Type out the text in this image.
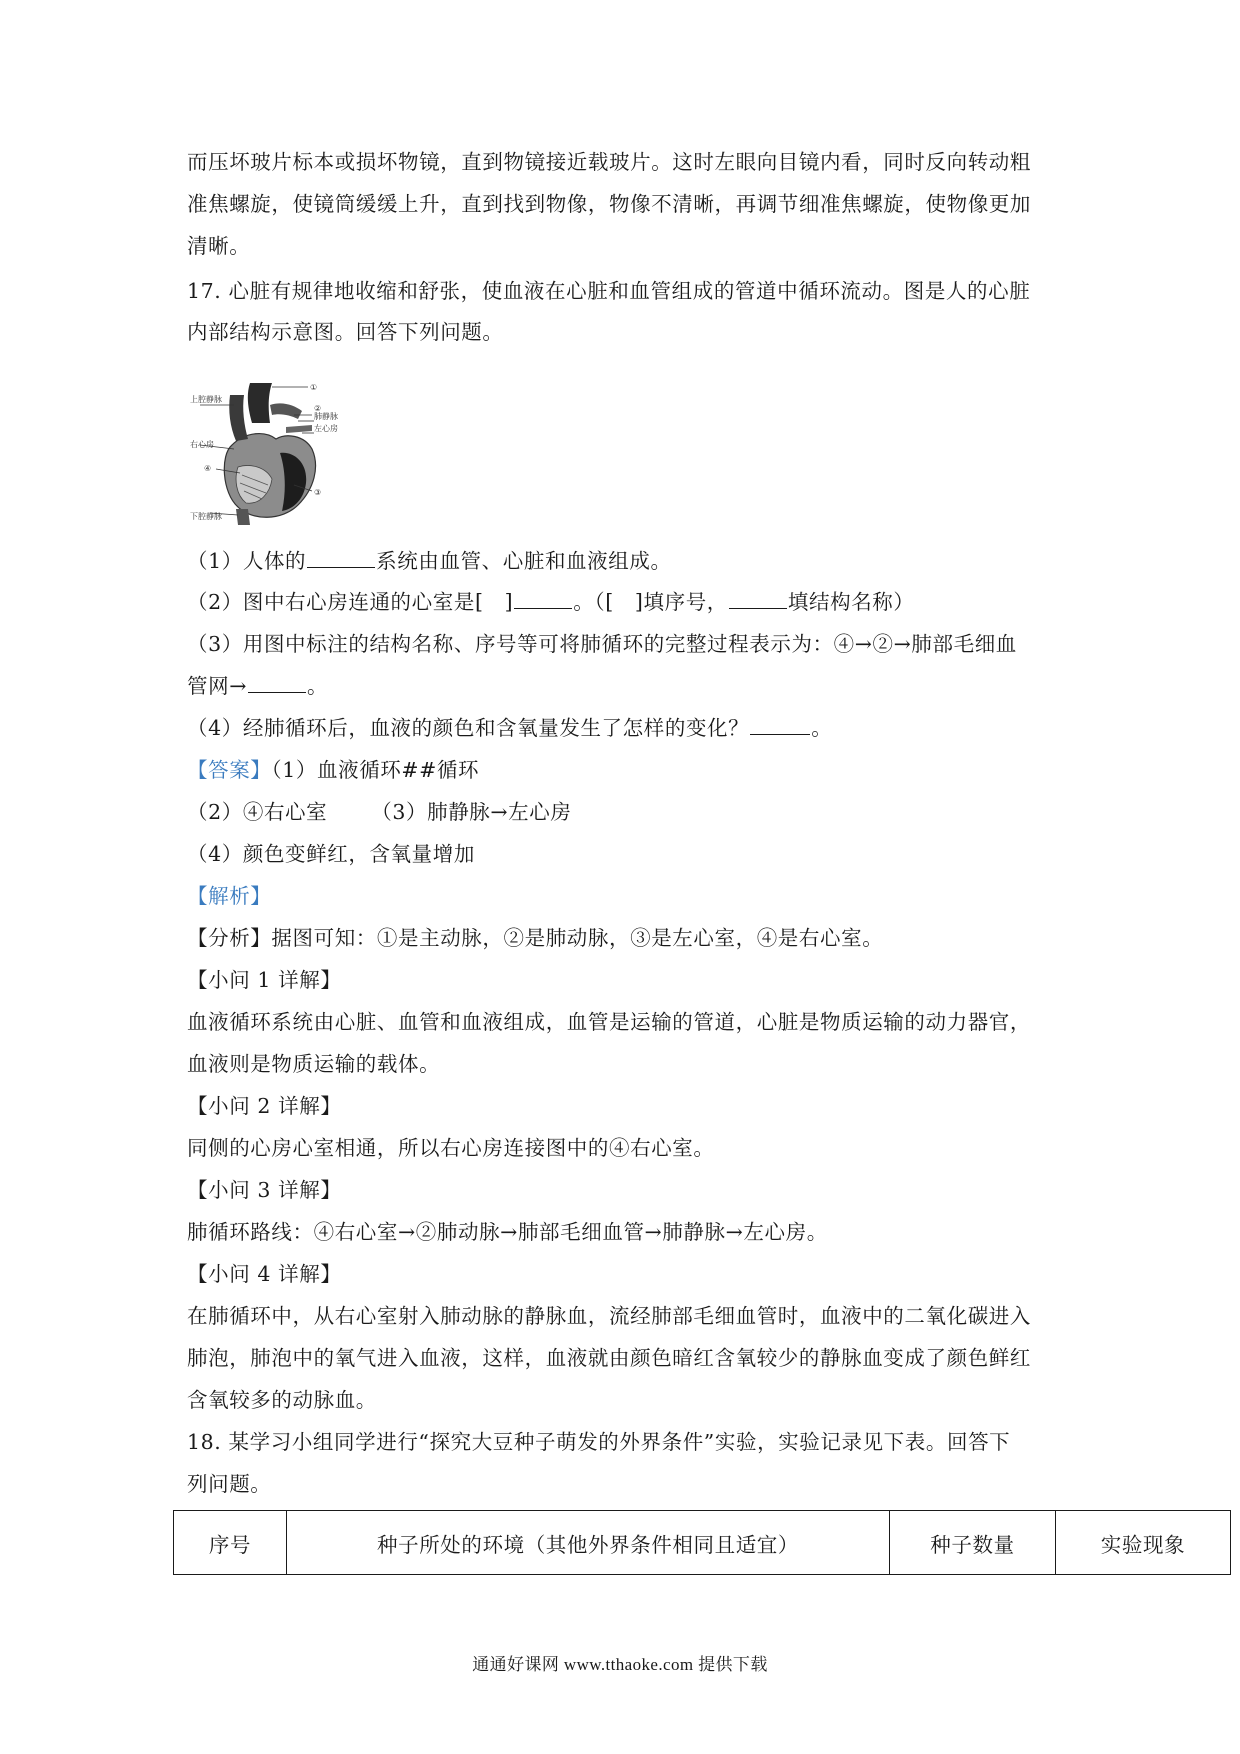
而压坏玻片标本或损坏物镜，直到物镜接近载玻片。这时左眼向目镜内看，同时反向转动粗
准焦螺旋，使镜筒缓缓上升，直到找到物像，物像不清晰，再调节细准焦螺旋，使物像更加
清晰。
17. 心脏有规律地收缩和舒张，使血液在心脏和血管组成的管道中循环流动。图是人的心脏
内部结构示意图。回答下列问题。
①
上腔静脉
肺静脉
②
左心房
右心房
④
③
下腔静脉
（1）人体的	系统由血管、心脏和血液组成。
（2）图中右心房连通的心室是[　]	。（[　]填序号，	填结构名称）
（3）用图中标注的结构名称、序号等可将肺循环的完整过程表示为：④→②→肺部毛细血
管网→	。
（4）经肺循环后，血液的颜色和含氧量发生了怎样的变化？	。
【答案】（1）血液循环##循环
（2）④右心室 （3）肺静脉→左心房
（4）颜色变鲜红，含氧量增加
【解析】
【分析】据图可知：①是主动脉，②是肺动脉，③是左心室，④是右心室。
【小问 1 详解】
血液循环系统由心脏、血管和血液组成，血管是运输的管道，心脏是物质运输的动力器官，
血液则是物质运输的载体。
【小问 2 详解】
同侧的心房心室相通，所以右心房连接图中的④右心室。
【小问 3 详解】
肺循环路线：④右心室→②肺动脉→肺部毛细血管→肺静脉→左心房。
【小问 4 详解】
在肺循环中，从右心室射入肺动脉的静脉血，流经肺部毛细血管时，血液中的二氧化碳进入
肺泡，肺泡中的氧气进入血液，这样，血液就由颜色暗红含氧较少的静脉血变成了颜色鲜红
含氧较多的动脉血。
18. 某学习小组同学进行“探究大豆种子萌发的外界条件”实验，实验记录见下表。回答下
列问题。
序号	种子所处的环境（其他外界条件相同且适宜）	种子数量	实验现象
通通好课网 www.tthaoke.com 提供下载
